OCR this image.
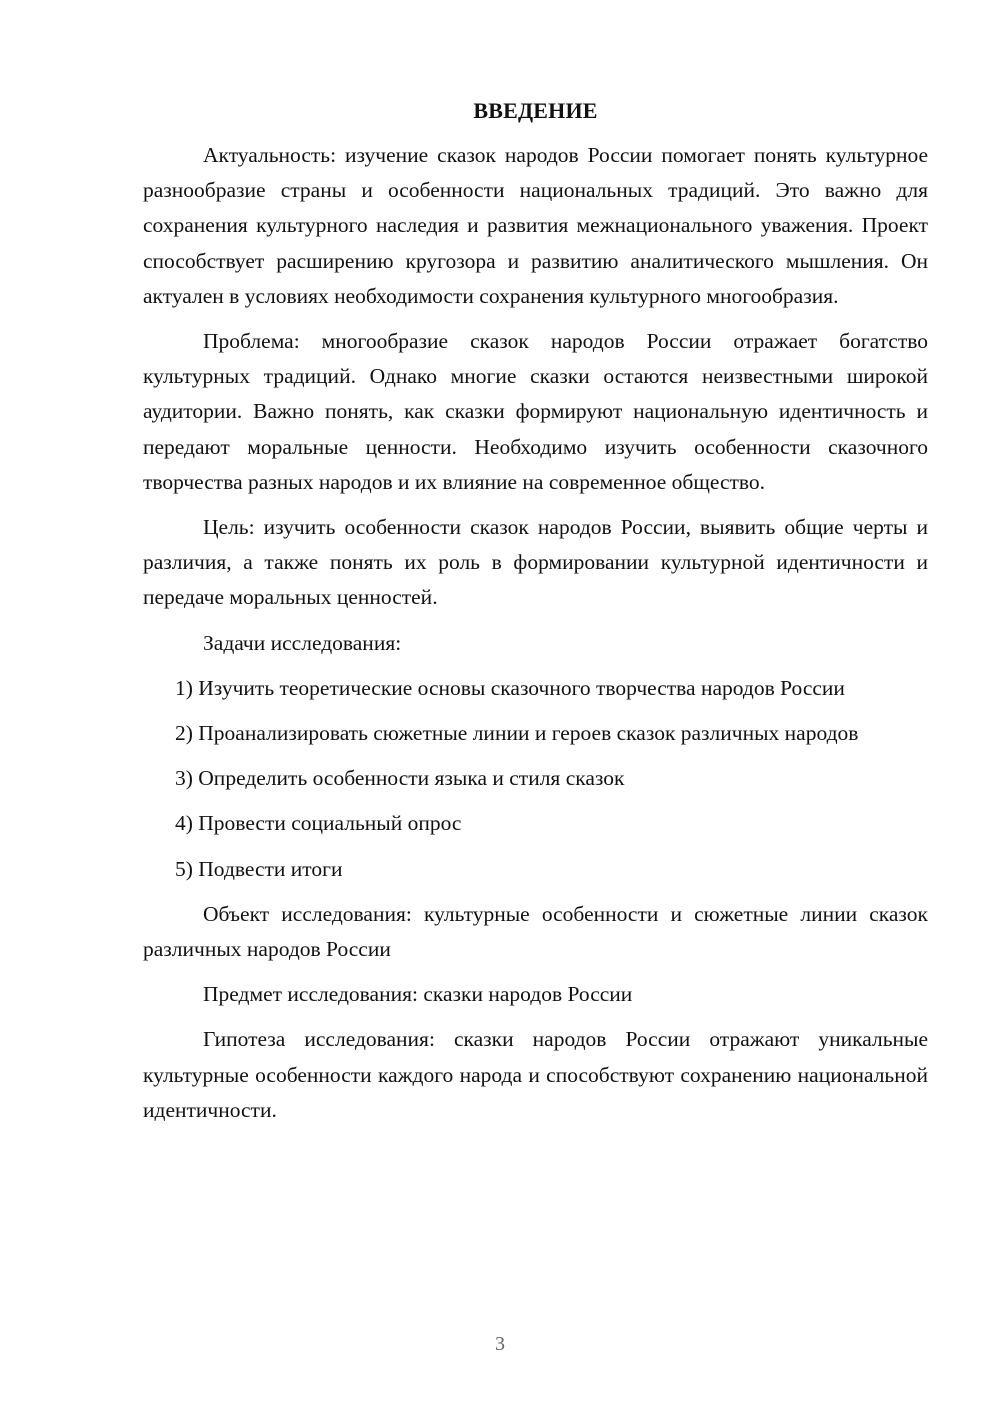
ВВЕДЕНИЕ

Актуальность: изучение сказок народов России помогает понять культурное разнообразие страны и особенности национальных традиций. Это важно для сохранения культурного наследия и развития межнационального уважения. Проект способствует расширению кругозора и развитию аналитического мышления. Он актуален в условиях необходимости сохранения культурного многообразия.

Проблема: многообразие сказок народов России отражает богатство культурных традиций. Однако многие сказки остаются неизвестными широкой аудитории. Важно понять, как сказки формируют национальную идентичность и передают моральные ценности. Необходимо изучить особенности сказочного творчества разных народов и их влияние на современное общество.

Цель: изучить особенности сказок народов России, выявить общие черты и различия, а также понять их роль в формировании культурной идентичности и передаче моральных ценностей.

Задачи исследования:

1) Изучить теоретические основы сказочного творчества народов России

2) Проанализировать сюжетные линии и героев сказок различных народов

3) Определить особенности языка и стиля сказок

4) Провести социальный опрос

5) Подвести итоги

Объект исследования: культурные особенности и сюжетные линии сказок различных народов России

Предмет исследования: сказки народов России

Гипотеза исследования: сказки народов России отражают уникальные культурные особенности каждого народа и способствуют сохранению национальной идентичности.

3
